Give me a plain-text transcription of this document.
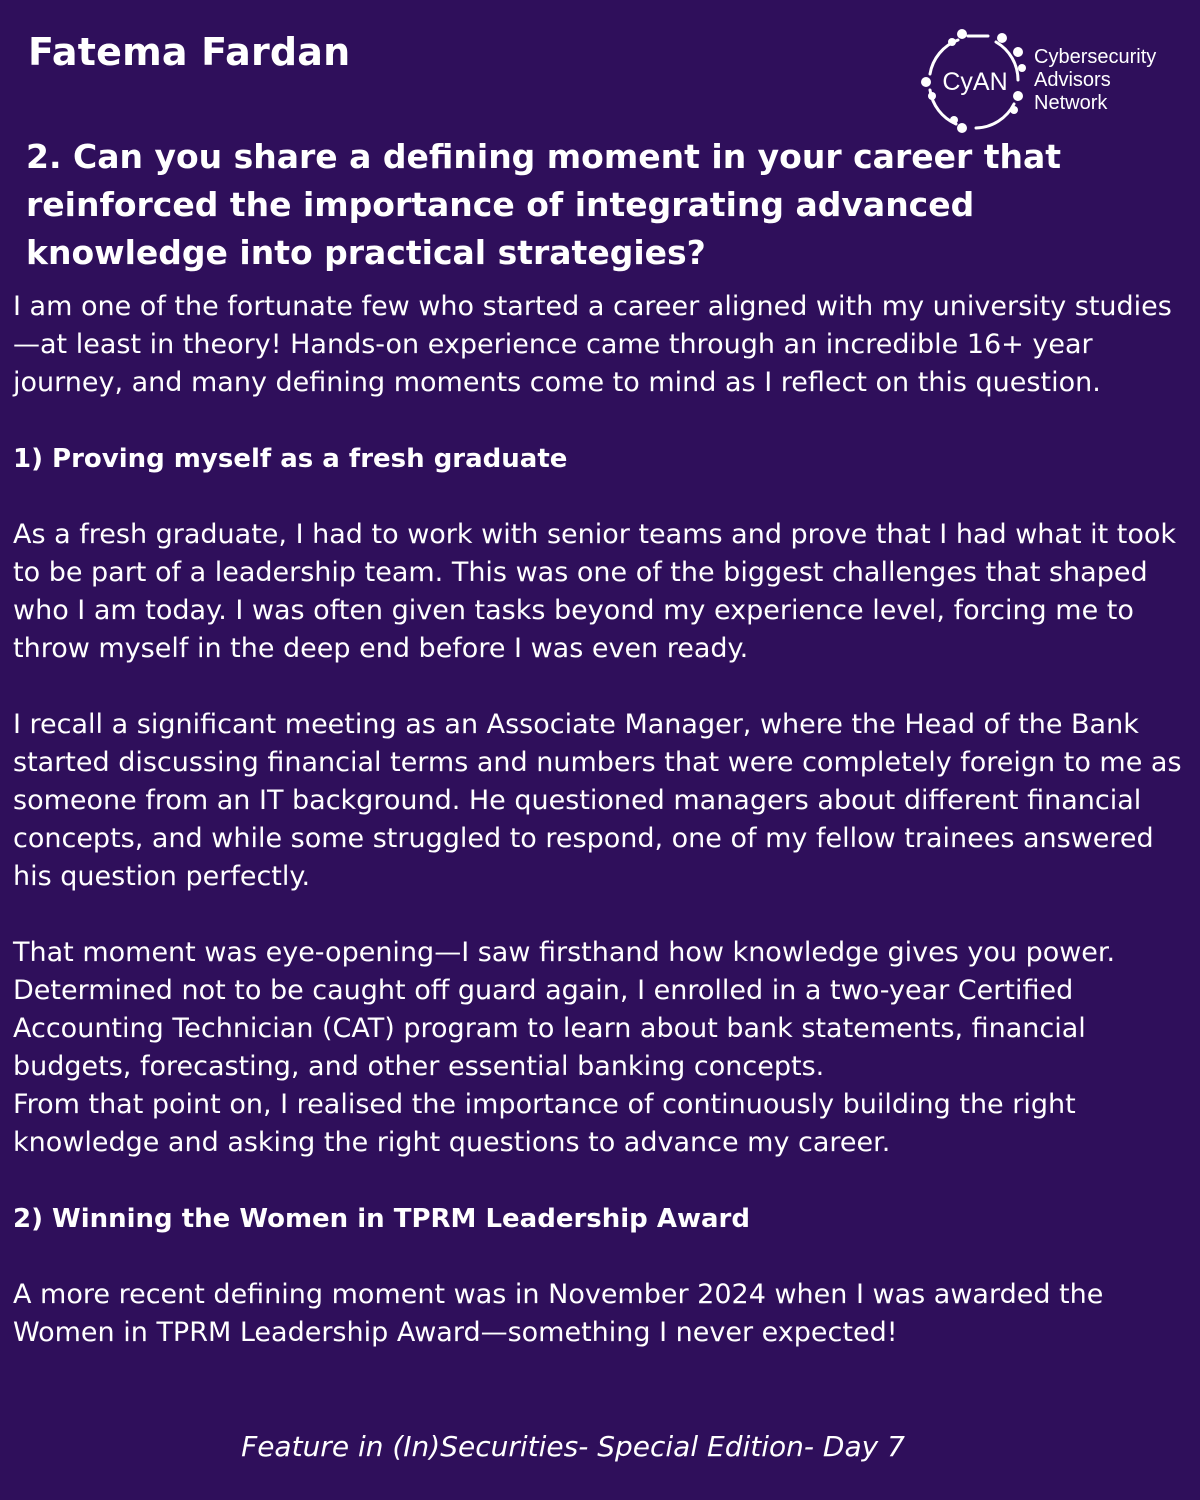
Fatema Fardan
CyAN
Cybersecurity
Advisors
Network
2. Can you share a defining moment in your career that reinforced the importance of integrating advanced knowledge into practical strategies?

I am one of the fortunate few who started a career aligned with my university studies—at least in theory! Hands-on experience came through an incredible 16+ year journey, and many defining moments come to mind as I reflect on this question.

1) Proving myself as a fresh graduate

As a fresh graduate, I had to work with senior teams and prove that I had what it took to be part of a leadership team. This was one of the biggest challenges that shaped who I am today. I was often given tasks beyond my experience level, forcing me to throw myself in the deep end before I was even ready.

I recall a significant meeting as an Associate Manager, where the Head of the Bank started discussing financial terms and numbers that were completely foreign to me as someone from an IT background. He questioned managers about different financial concepts, and while some struggled to respond, one of my fellow trainees answered his question perfectly.

That moment was eye-opening—I saw firsthand how knowledge gives you power. Determined not to be caught off guard again, I enrolled in a two-year Certified Accounting Technician (CAT) program to learn about bank statements, financial budgets, forecasting, and other essential banking concepts.

From that point on, I realised the importance of continuously building the right knowledge and asking the right questions to advance my career.

2) Winning the Women in TPRM Leadership Award

A more recent defining moment was in November 2024 when I was awarded the Women in TPRM Leadership Award—something I never expected!

Feature in (In)Securities- Special Edition- Day 7
